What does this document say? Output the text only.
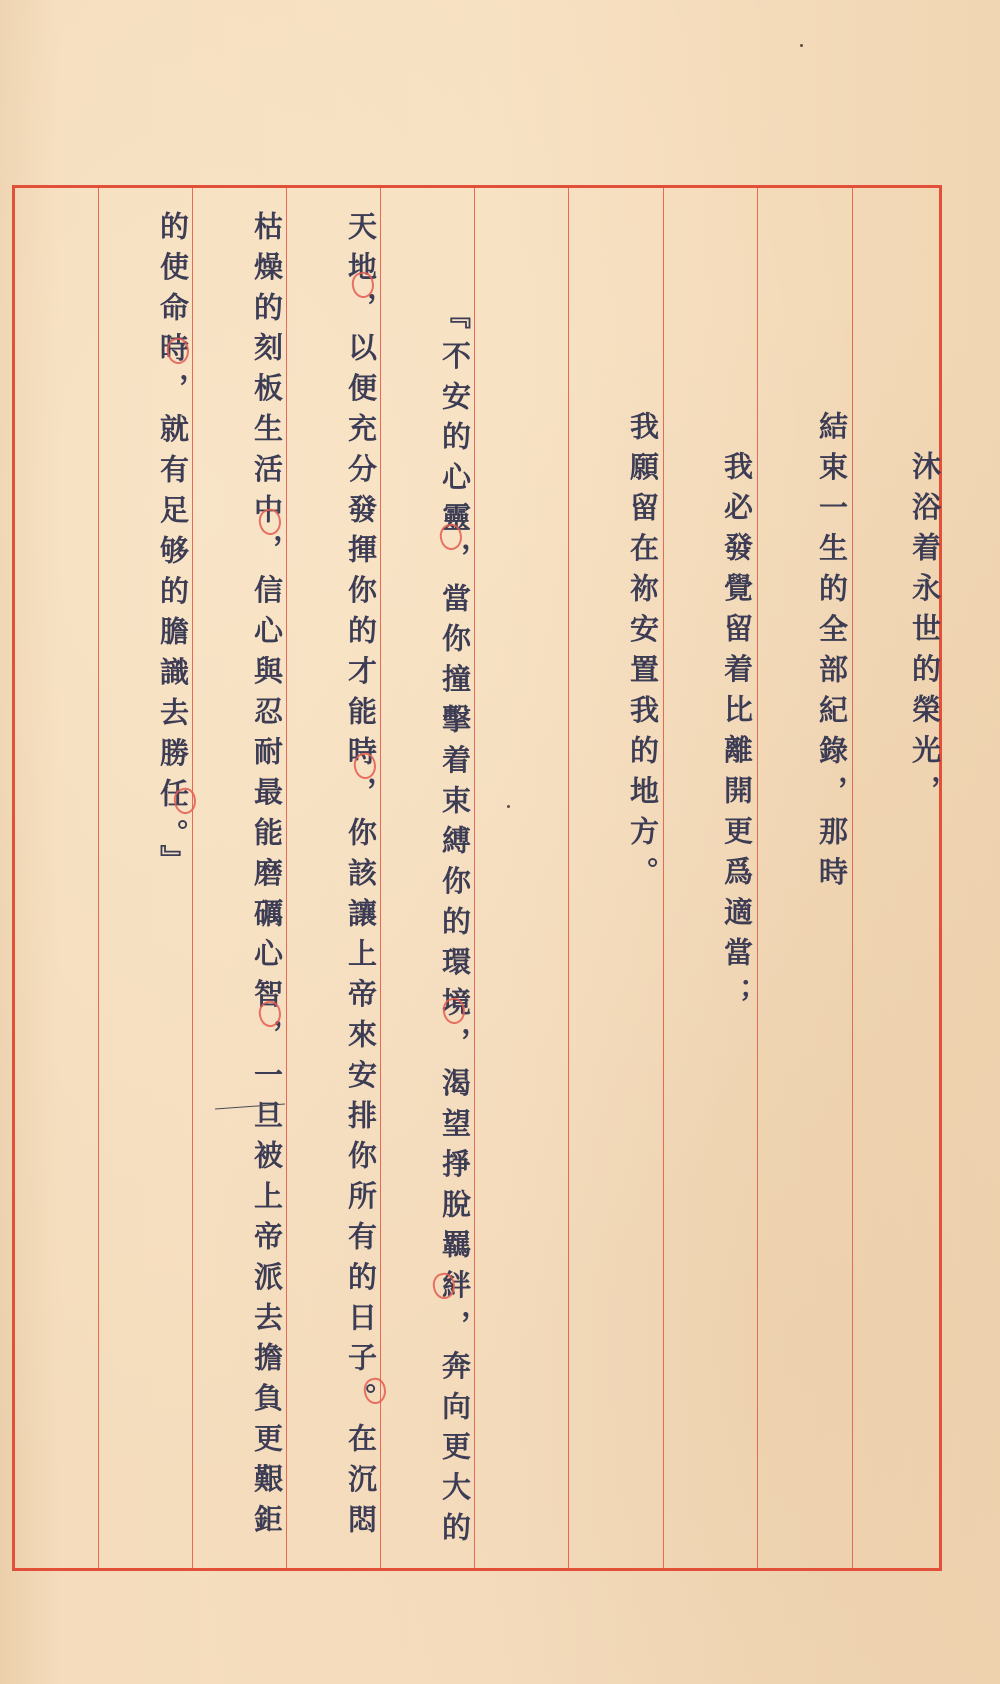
沐浴着永世的榮光，
結束一生的全部紀錄，那時
我必發覺留着比離開更爲適當；
我願留在祢安置我的地方。
『不安的心靈，當你撞擊着束縛你的環境，渴望掙脫羈絆，奔向更大的
天地，以便充分發揮你的才能時，你該讓上帝來安排你所有的日子。在沉悶
枯燥的刻板生活中，信心與忍耐最能磨礪心智，一旦被上帝派去擔負更艱鉅
的使命時，就有足够的膽識去勝任。』
